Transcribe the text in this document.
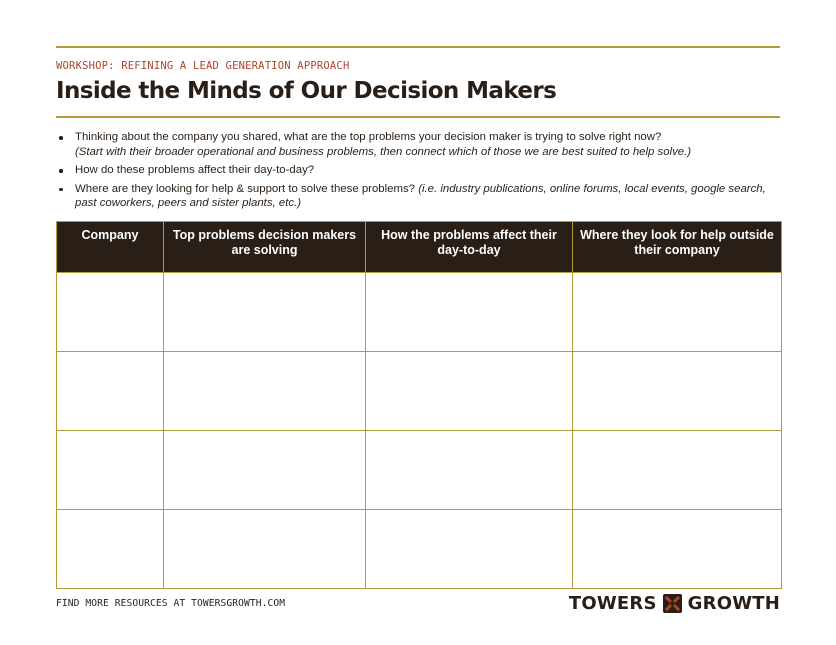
WORKSHOP: REFINING A LEAD GENERATION APPROACH
Inside the Minds of Our Decision Makers
Thinking about the company you shared, what are the top problems your decision maker is trying to solve right now?
(Start with their broader operational and business problems, then connect which of those we are best suited to help solve.)
How do these problems affect their day-to-day?
Where are they looking for help & support to solve these problems? (i.e. industry publications, online forums, local events, google search, past coworkers, peers and sister plants, etc.)
Company	Top problems decision makers are solving	How the problems affect their day-to-day	Where they look for help outside their company

FIND MORE RESOURCES AT TOWERSGROWTH.COM	TOWERS GROWTH
